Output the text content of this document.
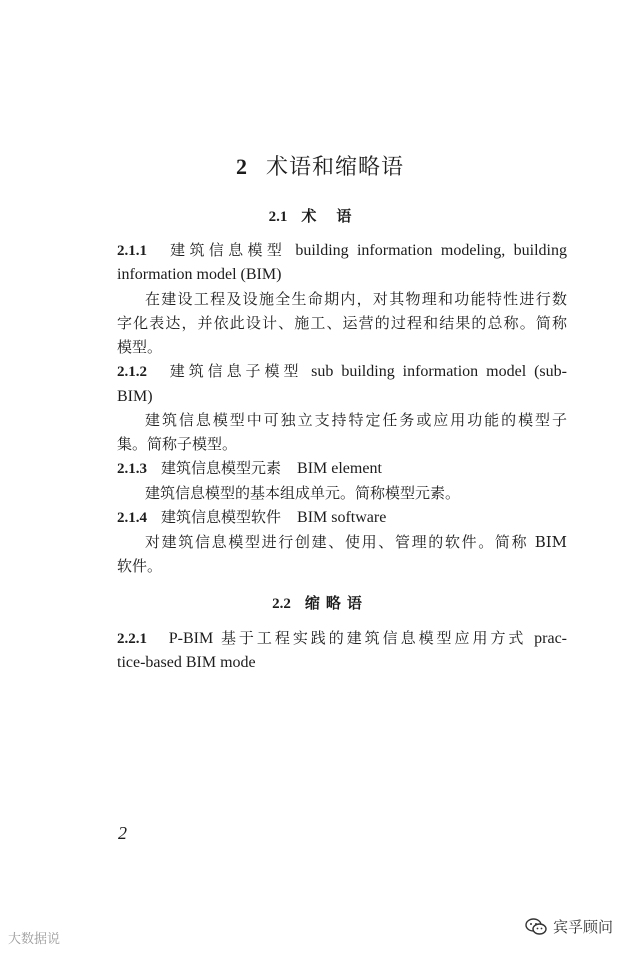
2 术语和缩略语
2.1 术语
2.1.1 建筑信息模型 building information modeling, building
information model (BIM)
在建设工程及设施全生命期内，对其物理和功能特性进行数
字化表达，并依此设计、施工、运营的过程和结果的总称。简称
模型。
2.1.2 建筑信息子模型 sub building information model (sub-
BIM)
建筑信息模型中可独立支持特定任务或应用功能的模型子
集。简称子模型。
2.1.3 建筑信息模型元素 BIM element
建筑信息模型的基本组成单元。简称模型元素。
2.1.4 建筑信息模型软件 BIM software
对建筑信息模型进行创建、使用、管理的软件。简称 BIM
软件。
2.2 缩略语
2.2.1 P-BIM 基于工程实践的建筑信息模型应用方式 prac-
tice-based BIM mode
2
大数据说
宾孚顾问
